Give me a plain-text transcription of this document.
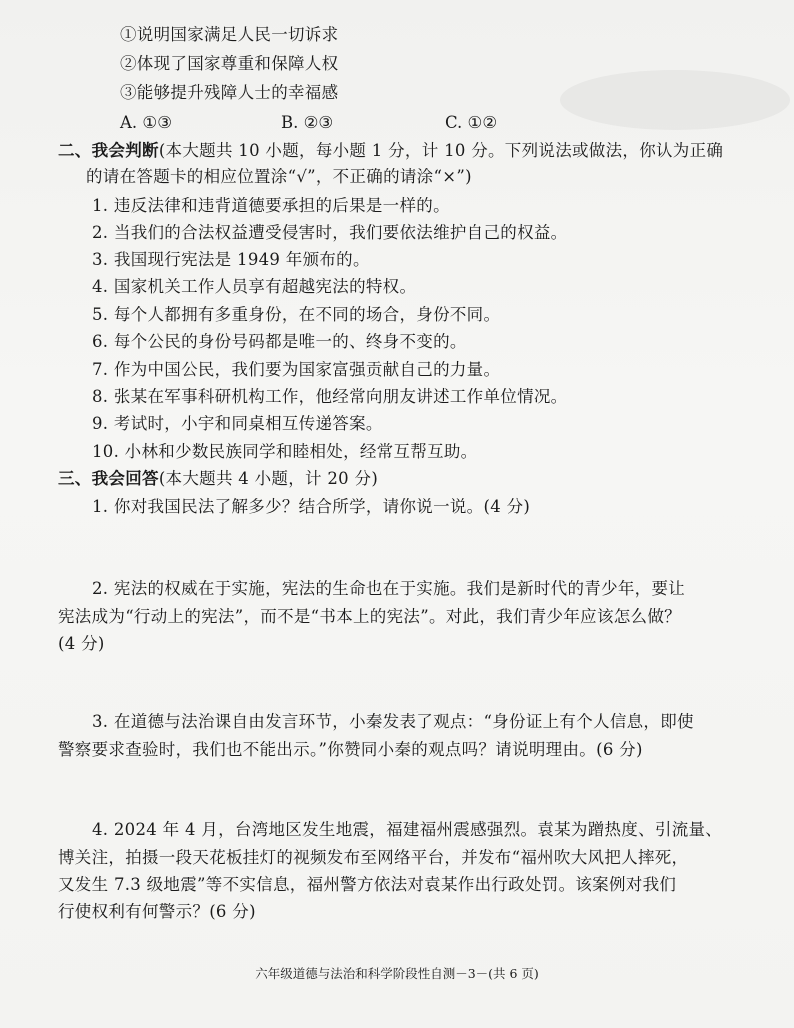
①说明国家满足人民一切诉求
②体现了国家尊重和保障人权
③能够提升残障人士的幸福感
A. ①③	B. ②③	C. ①②
二、我会判断(本大题共 10 小题，每小题 1 分，计 10 分。下列说法或做法，你认为正确
的请在答题卡的相应位置涂“√”，不正确的请涂“×”)
1. 违反法律和违背道德要承担的后果是一样的。
2. 当我们的合法权益遭受侵害时，我们要依法维护自己的权益。
3. 我国现行宪法是 1949 年颁布的。
4. 国家机关工作人员享有超越宪法的特权。
5. 每个人都拥有多重身份，在不同的场合，身份不同。
6. 每个公民的身份号码都是唯一的、终身不变的。
7. 作为中国公民，我们要为国家富强贡献自己的力量。
8. 张某在军事科研机构工作，他经常向朋友讲述工作单位情况。
9. 考试时，小宇和同桌相互传递答案。
10. 小林和少数民族同学和睦相处，经常互帮互助。
三、我会回答(本大题共 4 小题，计 20 分)
1. 你对我国民法了解多少？结合所学，请你说一说。(4 分)
2. 宪法的权威在于实施，宪法的生命也在于实施。我们是新时代的青少年，要让
宪法成为“行动上的宪法”，而不是“书本上的宪法”。对此，我们青少年应该怎么做？
(4 分)
3. 在道德与法治课自由发言环节，小秦发表了观点：“身份证上有个人信息，即使
警察要求查验时，我们也不能出示。”你赞同小秦的观点吗？请说明理由。(6 分)
4. 2024 年 4 月，台湾地区发生地震，福建福州震感强烈。袁某为蹭热度、引流量、
博关注，拍摄一段天花板挂灯的视频发布至网络平台，并发布“福州吹大风把人摔死，
又发生 7.3 级地震”等不实信息，福州警方依法对袁某作出行政处罚。该案例对我们
行使权利有何警示？(6 分)
六年级道德与法治和科学阶段性自测－3－(共 6 页)
